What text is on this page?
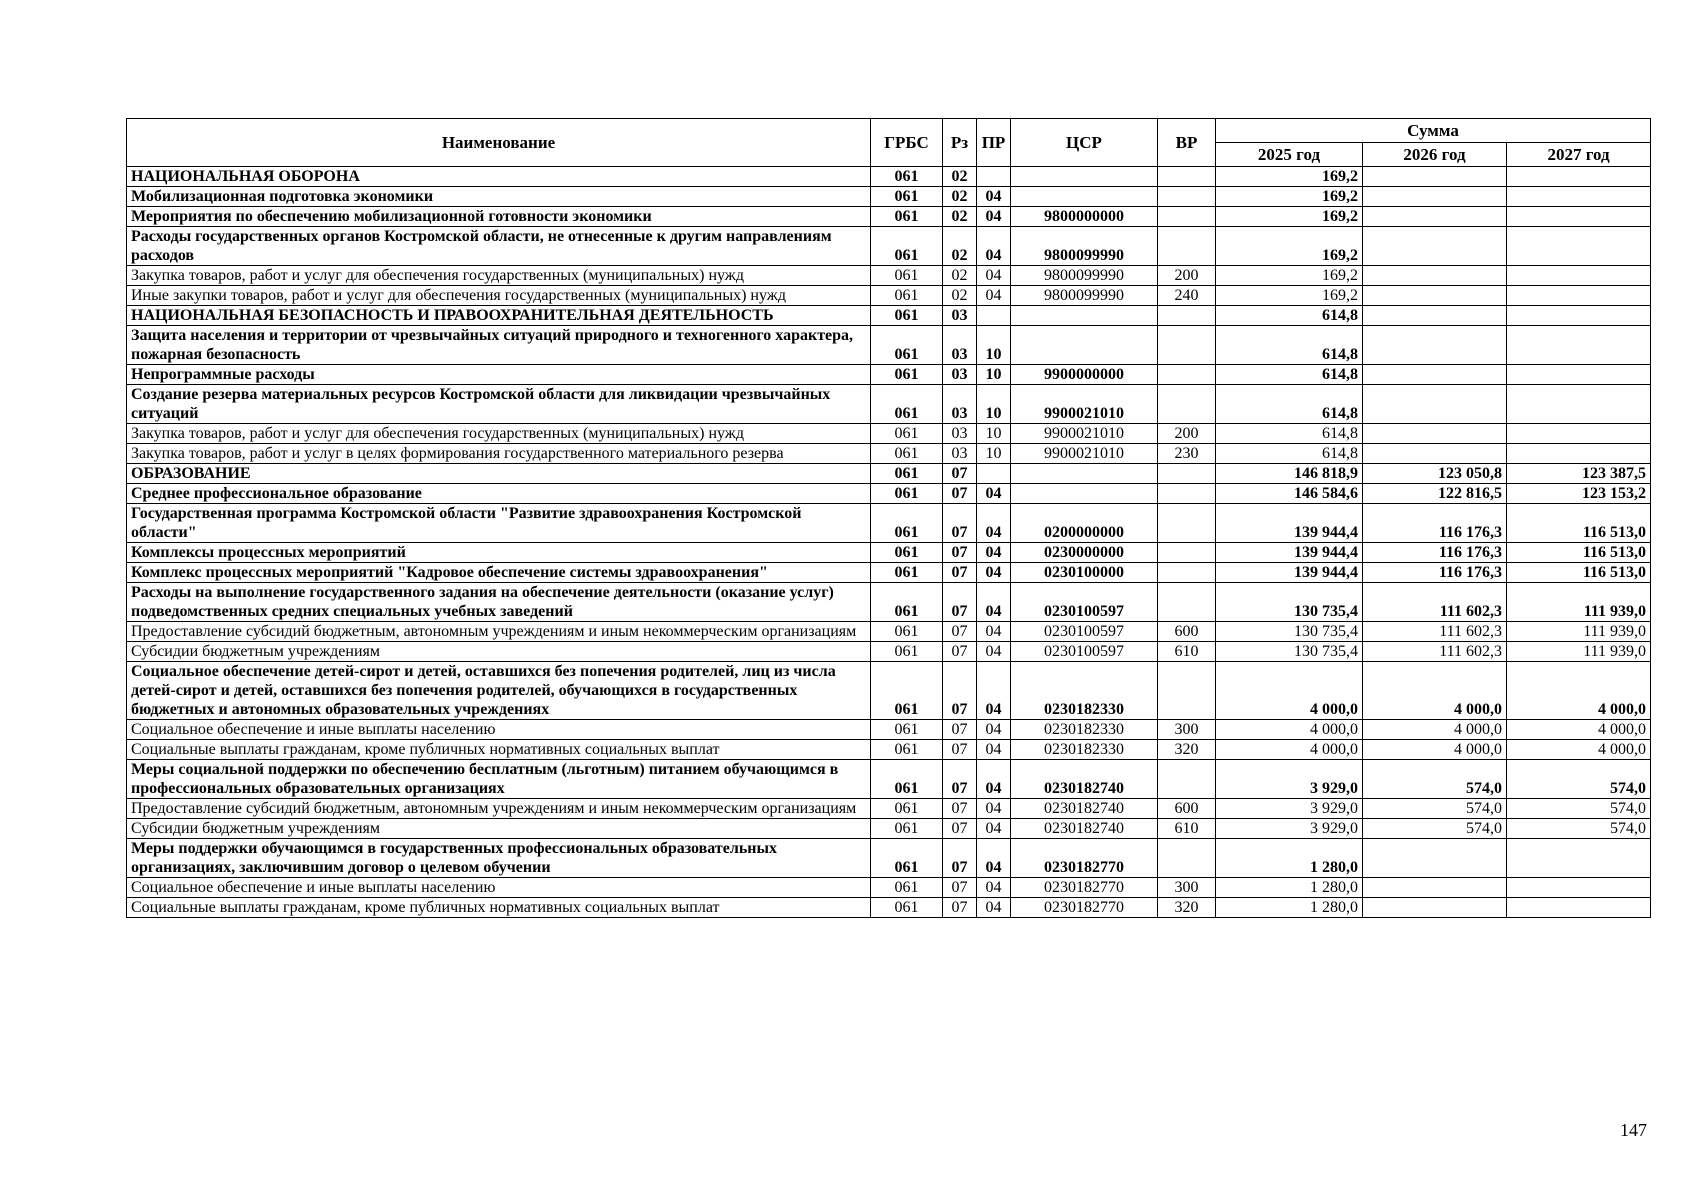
Наименование	ГРБС	Рз	ПР	ЦСР	ВР	Сумма		
						2025 год	2026 год	2027 год
НАЦИОНАЛЬНАЯ ОБОРОНА	061	02				169,2		
Мобилизационная подготовка экономики	061	02	04			169,2		
Мероприятия по обеспечению мобилизационной готовности экономики	061	02	04	9800000000		169,2		
Расходы государственных органов Костромской области, не отнесенные к другим направлениям расходов	061	02	04	9800099990		169,2		
Закупка товаров, работ и услуг для обеспечения государственных (муниципальных) нужд	061	02	04	9800099990	200	169,2		
Иные закупки товаров, работ и услуг для обеспечения государственных (муниципальных) нужд	061	02	04	9800099990	240	169,2		
НАЦИОНАЛЬНАЯ БЕЗОПАСНОСТЬ И ПРАВООХРАНИТЕЛЬНАЯ ДЕЯТЕЛЬНОСТЬ	061	03				614,8		
Защита населения и территории от чрезвычайных ситуаций природного и техногенного характера, пожарная безопасность	061	03	10			614,8		
Непрограммные расходы	061	03	10	9900000000		614,8		
Создание резерва материальных ресурсов Костромской области для ликвидации чрезвычайных ситуаций	061	03	10	9900021010		614,8		
Закупка товаров, работ и услуг для обеспечения государственных (муниципальных) нужд	061	03	10	9900021010	200	614,8		
Закупка товаров, работ и услуг в целях формирования государственного материального резерва	061	03	10	9900021010	230	614,8		
ОБРАЗОВАНИЕ	061	07				146 818,9	123 050,8	123 387,5
Среднее профессиональное образование	061	07	04			146 584,6	122 816,5	123 153,2
Государственная программа Костромской области "Развитие здравоохранения Костромской области"	061	07	04	0200000000		139 944,4	116 176,3	116 513,0
Комплексы процессных мероприятий	061	07	04	0230000000		139 944,4	116 176,3	116 513,0
Комплекс процессных мероприятий "Кадровое обеспечение системы здравоохранения"	061	07	04	0230100000		139 944,4	116 176,3	116 513,0
Расходы на выполнение государственного задания на обеспечение деятельности (оказание услуг) подведомственных средних специальных учебных заведений	061	07	04	0230100597		130 735,4	111 602,3	111 939,0
Предоставление субсидий бюджетным, автономным учреждениям и иным некоммерческим организациям	061	07	04	0230100597	600	130 735,4	111 602,3	111 939,0
Субсидии бюджетным учреждениям	061	07	04	0230100597	610	130 735,4	111 602,3	111 939,0
Социальное обеспечение детей-сирот и детей, оставшихся без попечения родителей, лиц из числа детей-сирот и детей, оставшихся без попечения родителей, обучающихся в государственных бюджетных и автономных образовательных учреждениях	061	07	04	0230182330		4 000,0	4 000,0	4 000,0
Социальное обеспечение и иные выплаты населению	061	07	04	0230182330	300	4 000,0	4 000,0	4 000,0
Социальные выплаты гражданам, кроме публичных нормативных социальных выплат	061	07	04	0230182330	320	4 000,0	4 000,0	4 000,0
Меры социальной поддержки по обеспечению бесплатным (льготным) питанием обучающимся в профессиональных образовательных организациях	061	07	04	0230182740		3 929,0	574,0	574,0
Предоставление субсидий бюджетным, автономным учреждениям и иным некоммерческим организациям	061	07	04	0230182740	600	3 929,0	574,0	574,0
Субсидии бюджетным учреждениям	061	07	04	0230182740	610	3 929,0	574,0	574,0
Меры поддержки обучающимся в государственных профессиональных образовательных организациях, заключившим договор о целевом обучении	061	07	04	0230182770		1 280,0		
Социальное обеспечение и иные выплаты населению	061	07	04	0230182770	300	1 280,0		
Социальные выплаты гражданам, кроме публичных нормативных социальных выплат	061	07	04	0230182770	320	1 280,0		
147
